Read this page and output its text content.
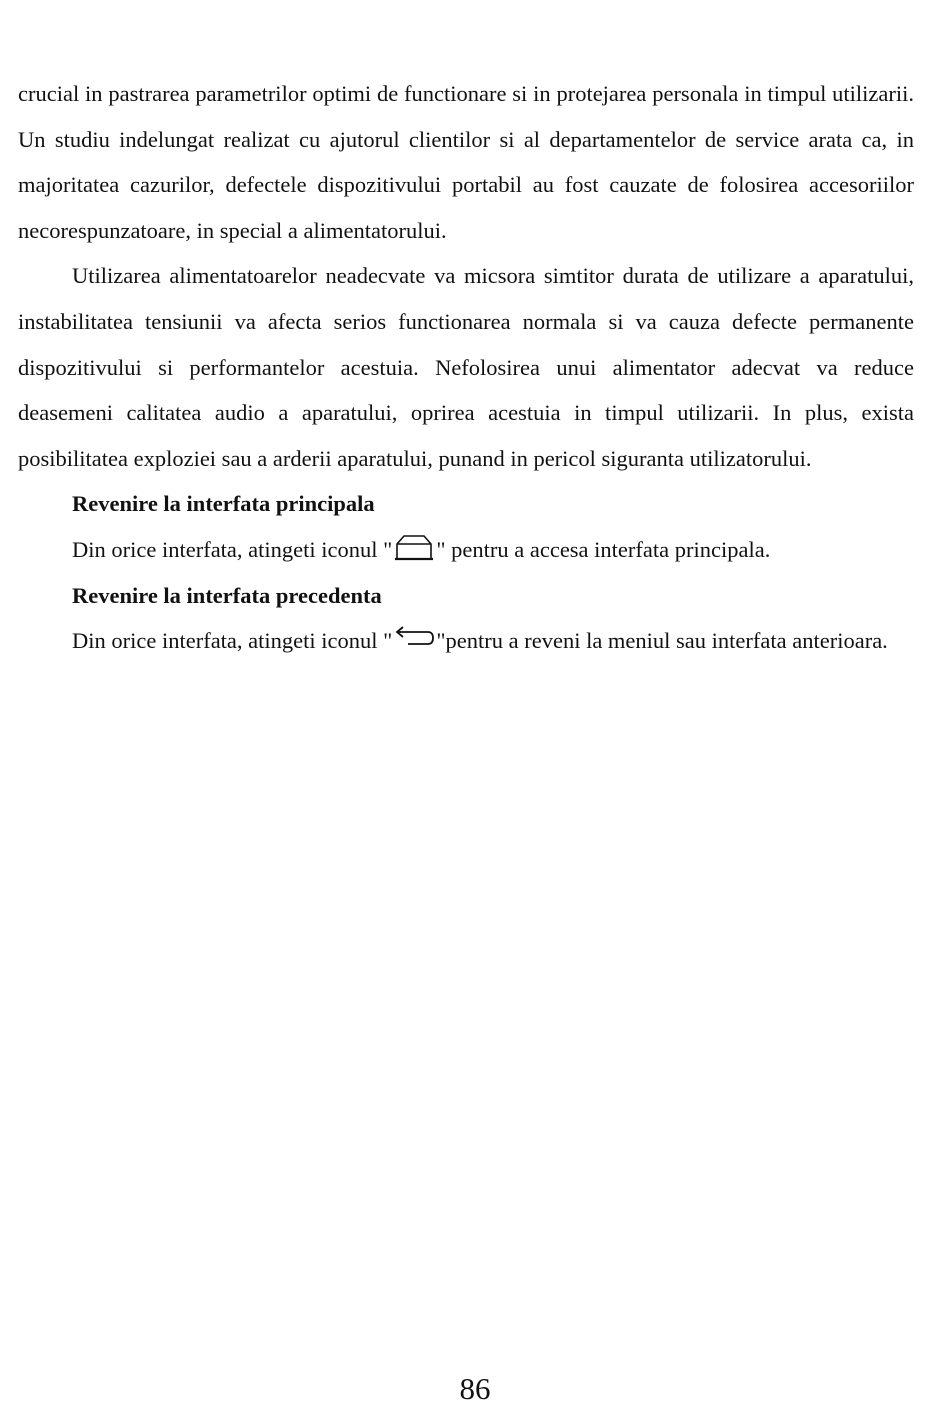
crucial in pastrarea parametrilor optimi de functionare si in protejarea personala in timpul utilizarii. Un studiu indelungat realizat cu ajutorul clientilor si al departamentelor de service arata ca, in majoritatea cazurilor, defectele dispozitivului portabil au fost cauzate de folosirea accesoriilor necorespunzatoare, in special a alimentatorului.

Utilizarea alimentatoarelor neadecvate va micsora simtitor durata de utilizare a aparatului, instabilitatea tensiunii va afecta serios functionarea normala si va cauza defecte permanente dispozitivului si performantelor acestuia. Nefolosirea unui alimentator adecvat va reduce deasemeni calitatea audio a aparatului, oprirea acestuia in timpul utilizarii. In plus, exista posibilitatea exploziei sau a arderii aparatului, punand in pericol siguranta utilizatorului.

Revenire la interfata principala

Din orice interfata, atingeti iconul " " pentru a accesa interfata principala.

Revenire la interfata precedenta

Din orice interfata, atingeti iconul " "pentru a reveni la meniul sau interfata anterioara.

86
